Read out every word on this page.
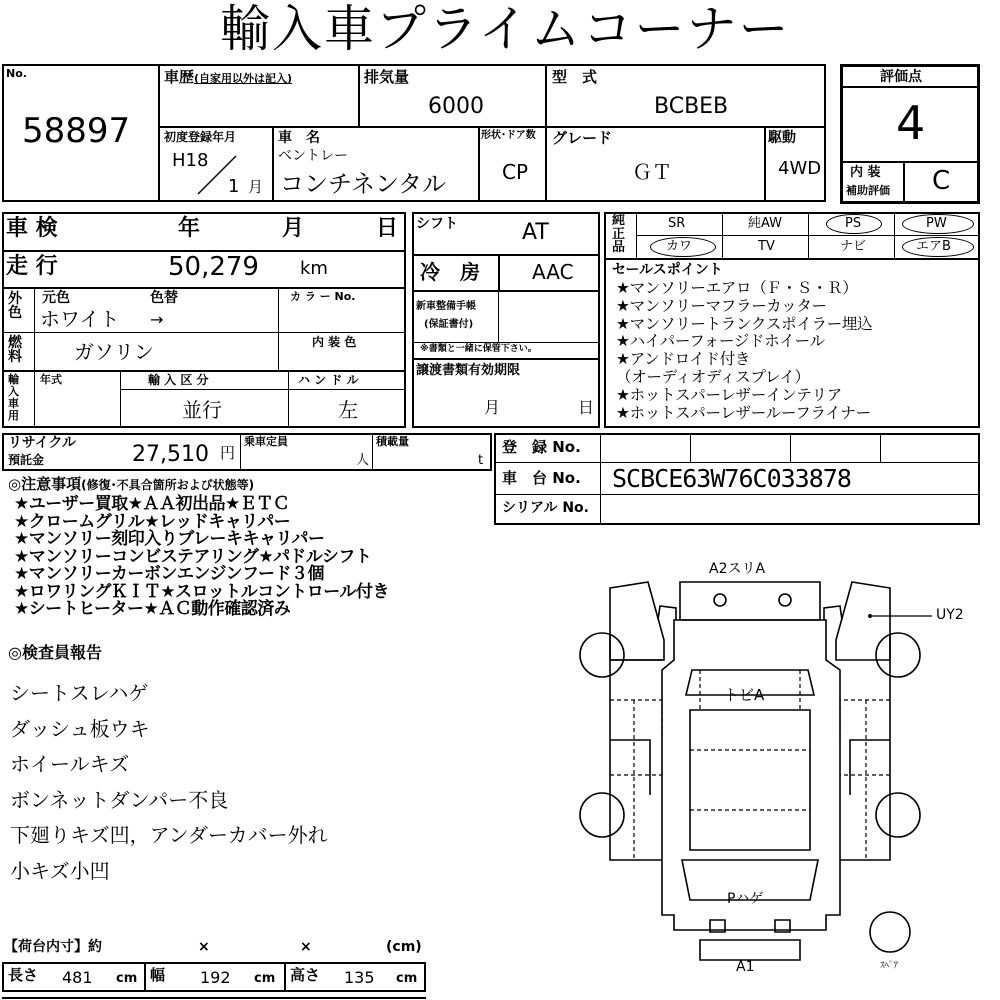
輸入車プライムコーナー
No.
58897
車歴(自家用以外は記入)	排気量
6000
型　式
BCBEB
初度登録年月
H18
1 月
車　名
ベントレー
コンチネンタル
形状･ドア数
CP
グレード
ＧＴ
駆動
4WD
評価点
4
内 装
補助評価 C
車 検	年	月	日
走 行	50,279 km
外色
元色	色替
ホワイト →
カ ラ ー No.
燃料	ガソリン	内 装 色
輸入車用
年式	輸 入 区 分
並行
ハ ン ド ル
左
シフト	AT
冷　房	AAC
新車整備手帳
(保証書付)
※書類と一緒に保管下さい。
譲渡書類有効期限
月	日
純正品
SR	純AW	PS	PW
カワ	TV	ナビ	エアB
セールスポイント
★マンソリーエアロ（Ｆ・Ｓ・Ｒ）
★マンソリーマフラーカッター
★マンソリートランクスポイラー埋込
★ハイパーフォージドホイール
★アンドロイド付き
（オーディオディスプレイ）
★ホットスパーレザーインテリア
★ホットスパーレザールーフライナー
リサイクル
預託金	27,510 円
乗車定員
人
積載量
t
登　録 No.
車　台 No. SCBCE63W76C033878
シリアル No.
◎注意事項(修復･不具合箇所および状態等)
★ユーザー買取★ＡＡ初出品★ＥＴＣ
★クロームグリル★レッドキャリパー
★マンソリー刻印入りブレーキキャリパー
★マンソリーコンビステアリング★パドルシフト
★マンソリーカーボンエンジンフード３個
★ロワリングＫＩＴ★スロットルコントロール付き
★シートヒーター★ＡＣ動作確認済み
◎検査員報告
シートスレハゲ
ダッシュ板ウキ
ホイールキズ
ボンネットダンパー不良
下廻りキズ凹，アンダーカバー外れ
小キズ小凹
A2スリA
UY2
トビA
Pハゲ
A1	ｽﾍﾟｱ
【荷台内寸】約	×	×	(cm)
長さ 481 cm 幅 192 cm 高さ 135 cm
